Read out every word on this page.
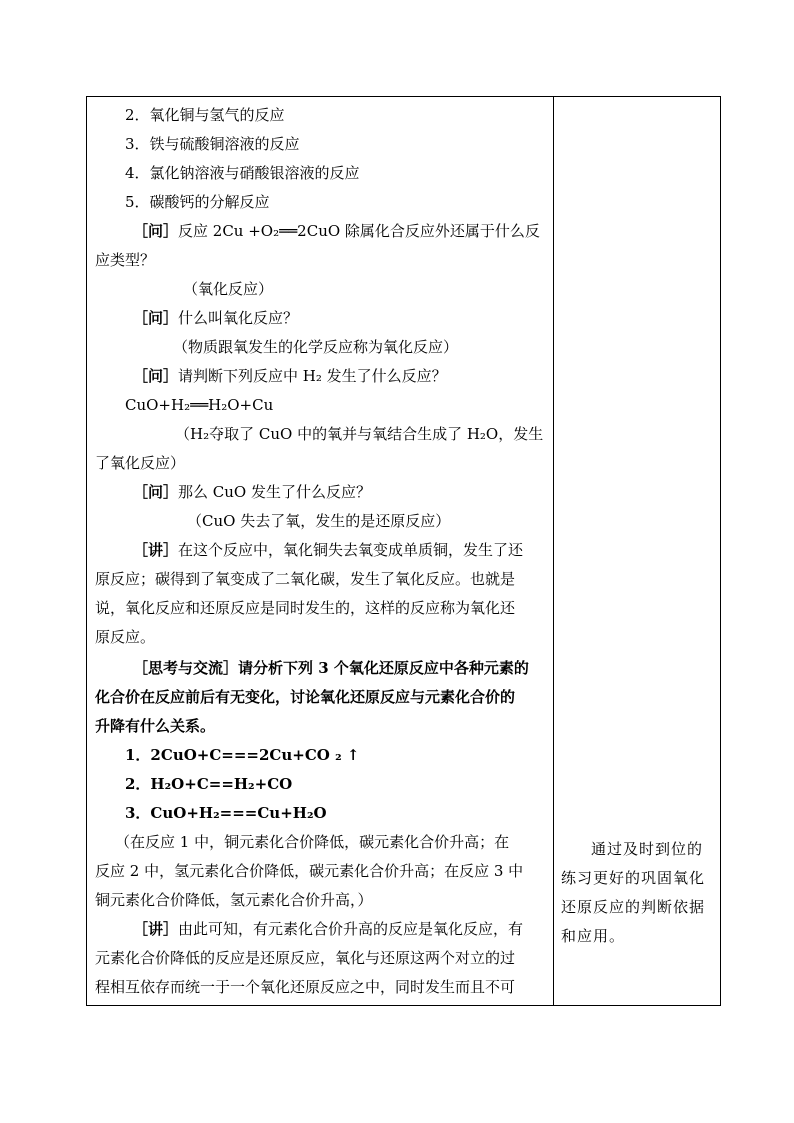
2．氧化铜与氢气的反应
3．铁与硫酸铜溶液的反应
4．氯化钠溶液与硝酸银溶液的反应
5．碳酸钙的分解反应
［问］反应 2Cu +O₂══2CuO 除属化合反应外还属于什么反
应类型？
（氧化反应）
［问］什么叫氧化反应？
（物质跟氧发生的化学反应称为氧化反应）
［问］请判断下列反应中 H₂ 发生了什么反应？
CuO+H₂══H₂O+Cu
（H₂夺取了 CuO 中的氧并与氧结合生成了 H₂O，发生
了氧化反应）
［问］那么 CuO 发生了什么反应？
（CuO 失去了氧，发生的是还原反应）
［讲］在这个反应中，氧化铜失去氧变成单质铜，发生了还
原反应；碳得到了氧变成了二氧化碳，发生了氧化反应。也就是
说，氧化反应和还原反应是同时发生的，这样的反应称为氧化还
原反应。
［思考与交流］请分析下列 3 个氧化还原反应中各种元素的
化合价在反应前后有无变化，讨论氧化还原反应与元素化合价的
升降有什么关系。
1．2CuO+C===2Cu+CO ₂ ↑
2．H₂O+C==H₂+CO
3．CuO+H₂===Cu+H₂O
（在反应 1 中，铜元素化合价降低，碳元素化合价升高；在
反应 2 中，氢元素化合价降低，碳元素化合价升高；在反应 3 中
铜元素化合价降低，氢元素化合价升高，）
［讲］由此可知，有元素化合价升高的反应是氧化反应，有
元素化合价降低的反应是还原反应，氧化与还原这两个对立的过
程相互依存而统一于一个氧化还原反应之中，同时发生而且不可
通过及时到位的练习更好的巩固氧化还原反应的判断依据和应用。
